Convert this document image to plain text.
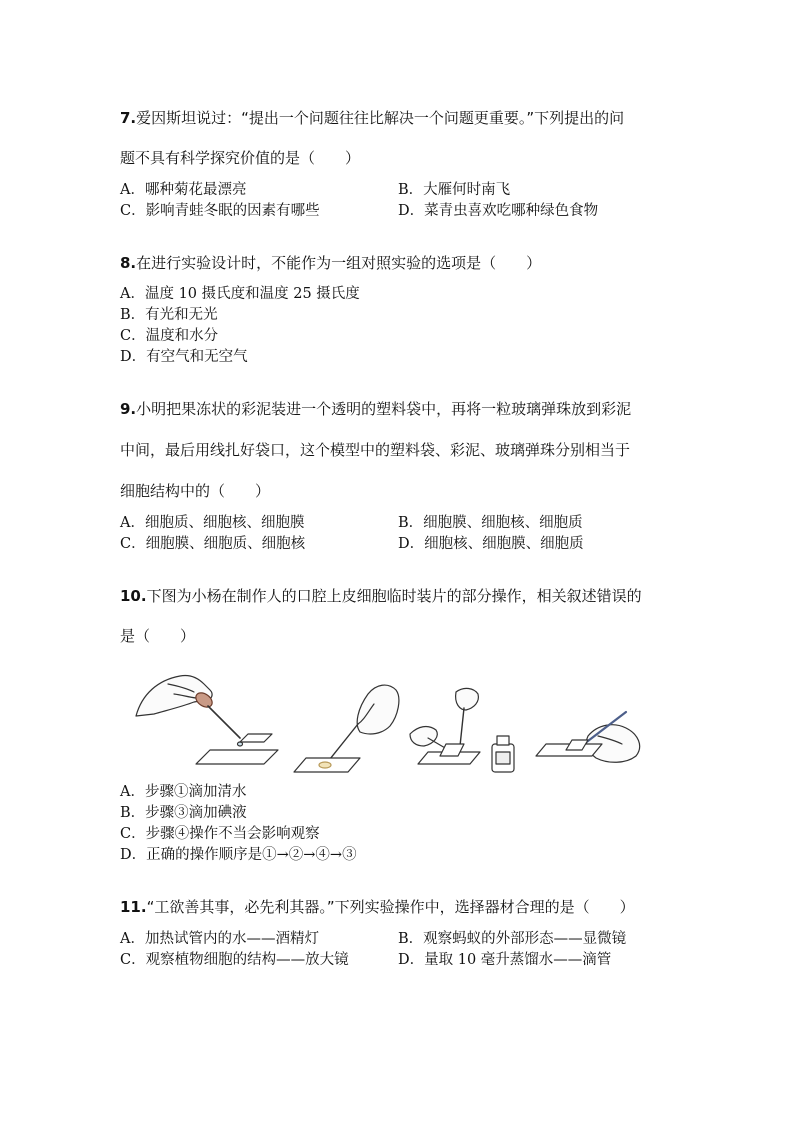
7.爱因斯坦说过：“提出一个问题往往比解决一个问题更重要。”下列提出的问
题不具有科学探究价值的是（　　）
A．哪种菊花最漂亮	B．大雁何时南飞
C．影响青蛙冬眠的因素有哪些	D．菜青虫喜欢吃哪种绿色食物
8.在进行实验设计时，不能作为一组对照实验的选项是（　　）
A．温度 10 摄氏度和温度 25 摄氏度
B．有光和无光
C．温度和水分
D．有空气和无空气
9.小明把果冻状的彩泥装进一个透明的塑料袋中，再将一粒玻璃弹珠放到彩泥
中间，最后用线扎好袋口，这个模型中的塑料袋、彩泥、玻璃弹珠分别相当于
细胞结构中的（　　）
A．细胞质、细胞核、细胞膜	B．细胞膜、细胞核、细胞质
C．细胞膜、细胞质、细胞核	D．细胞核、细胞膜、细胞质
10.下图为小杨在制作人的口腔上皮细胞临时装片的部分操作，相关叙述错误的
是（　　）
A．步骤①滴加清水
B．步骤③滴加碘液
C．步骤④操作不当会影响观察
D．正确的操作顺序是①→②→④→③
11.“工欲善其事，必先利其器。”下列实验操作中，选择器材合理的是（　　）
A．加热试管内的水——酒精灯	B．观察蚂蚁的外部形态——显微镜
C．观察植物细胞的结构——放大镜	D．量取 10 毫升蒸馏水——滴管
